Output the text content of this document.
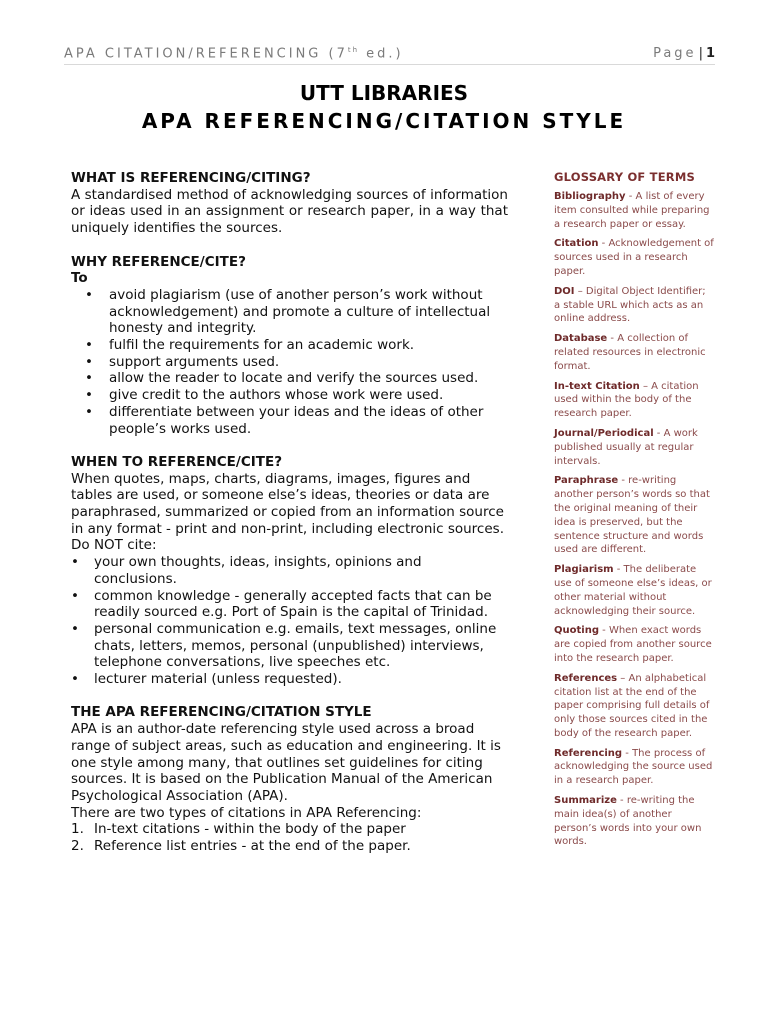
APA CITATION/REFERENCING (7th ed.)	Page | 1
UTT LIBRARIES
APA REFERENCING/CITATION STYLE
WHAT IS REFERENCING/CITING?

A standardised method of acknowledging sources of information or ideas used in an assignment or research paper, in a way that uniquely identifies the sources.

WHY REFERENCE/CITE?
To
• avoid plagiarism (use of another person’s work without acknowledgement) and promote a culture of intellectual honesty and integrity.
• fulfil the requirements for an academic work.
• support arguments used.
• allow the reader to locate and verify the sources used.
• give credit to the authors whose work were used.
• differentiate between your ideas and the ideas of other people’s works used.
WHEN TO REFERENCE/CITE?

When quotes, maps, charts, diagrams, images, figures and tables are used, or someone else’s ideas, theories or data are paraphrased, summarized or copied from an information source in any format - print and non-print, including electronic sources.

Do NOT cite:

• your own thoughts, ideas, insights, opinions and conclusions.
• common knowledge - generally accepted facts that can be readily sourced e.g. Port of Spain is the capital of Trinidad.
• personal communication e.g. emails, text messages, online chats, letters, memos, personal (unpublished) interviews, telephone conversations, live speeches etc.
• lecturer material (unless requested).
THE APA REFERENCING/CITATION STYLE

APA is an author-date referencing style used across a broad range of subject areas, such as education and engineering. It is one style among many, that outlines set guidelines for citing sources. It is based on the Publication Manual of the American Psychological Association (APA).

There are two types of citations in APA Referencing:

1. In-text citations - within the body of the paper
2. Reference list entries - at the end of the paper.
GLOSSARY OF TERMS
Bibliography - A list of every item consulted while preparing a research paper or essay.
Citation - Acknowledgement of sources used in a research paper.
DOI – Digital Object Identifier; a stable URL which acts as an online address.
Database - A collection of related resources in electronic format.
In-text Citation – A citation used within the body of the research paper.
Journal/Periodical - A work published usually at regular intervals.
Paraphrase - re-writing another person’s words so that the original meaning of their idea is preserved, but the sentence structure and words used are different.
Plagiarism - The deliberate use of someone else’s ideas, or other material without acknowledging their source.
Quoting - When exact words are copied from another source into the research paper.
References – An alphabetical citation list at the end of the paper comprising full details of only those sources cited in the body of the research paper.
Referencing - The process of acknowledging the source used in a research paper.
Summarize - re-writing the main idea(s) of another person’s words into your own words.
